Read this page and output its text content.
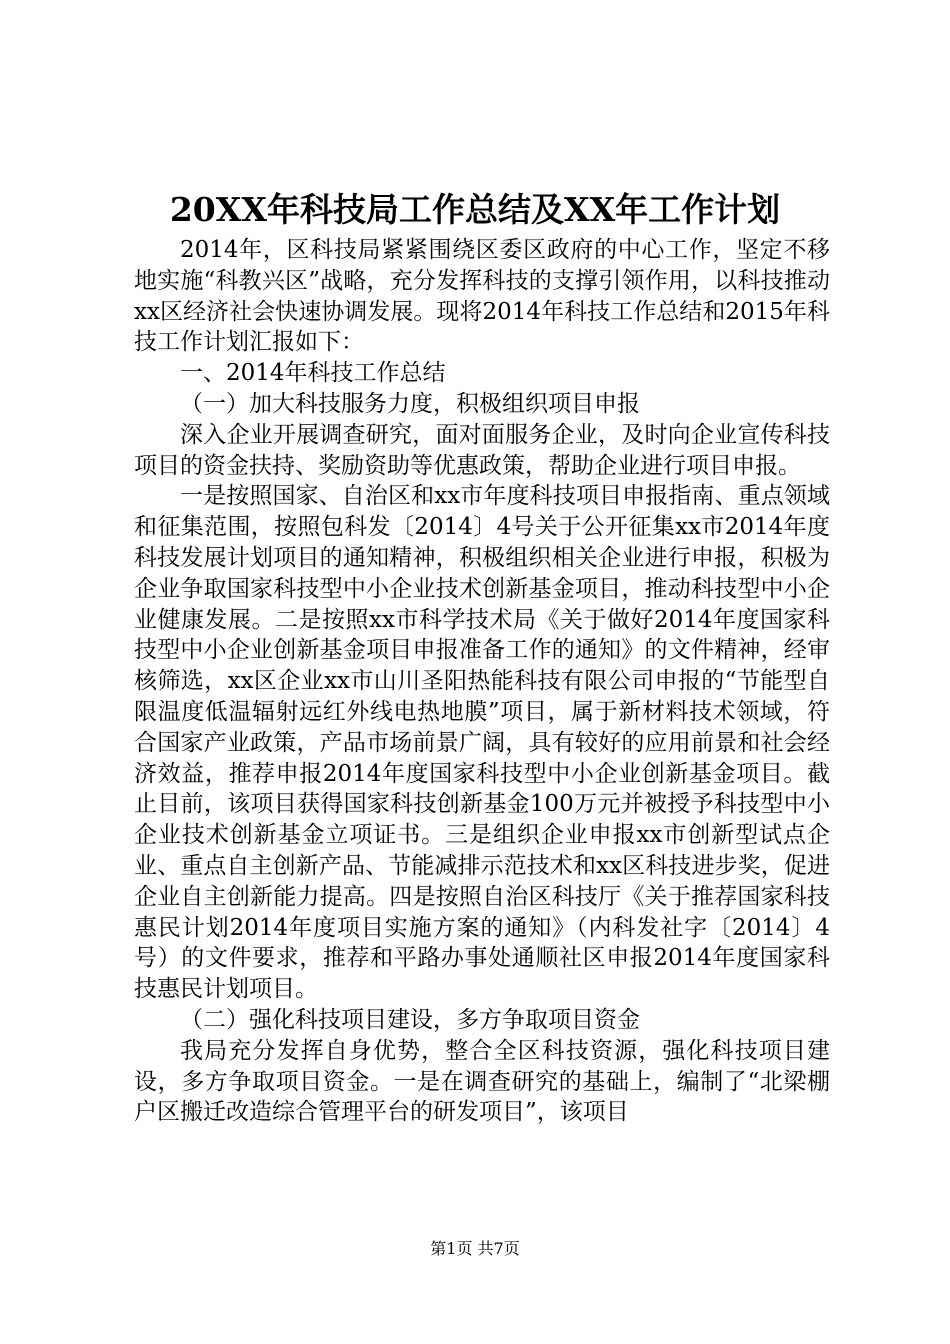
20XX年科技局工作总结及XX年工作计划

2014年，区科技局紧紧围绕区委区政府的中心工作，坚定不移地实施“科教兴区”战略，充分发挥科技的支撑引领作用，以科技推动xx区经济社会快速协调发展。现将2014年科技工作总结和2015年科技工作计划汇报如下：

一、2014年科技工作总结

（一）加大科技服务力度，积极组织项目申报

深入企业开展调查研究，面对面服务企业，及时向企业宣传科技项目的资金扶持、奖励资助等优惠政策，帮助企业进行项目申报。

一是按照国家、自治区和xx市年度科技项目申报指南、重点领域和征集范围，按照包科发〔2014〕4号关于公开征集xx市2014年度科技发展计划项目的通知精神，积极组织相关企业进行申报，积极为企业争取国家科技型中小企业技术创新基金项目，推动科技型中小企业健康发展。二是按照xx市科学技术局《关于做好2014年度国家科技型中小企业创新基金项目申报准备工作的通知》的文件精神，经审核筛选，xx区企业xx市山川圣阳热能科技有限公司申报的“节能型自限温度低温辐射远红外线电热地膜”项目，属于新材料技术领域，符合国家产业政策，产品市场前景广阔，具有较好的应用前景和社会经济效益，推荐申报2014年度国家科技型中小企业创新基金项目。截止目前，该项目获得国家科技创新基金100万元并被授予科技型中小企业技术创新基金立项证书。三是组织企业申报xx市创新型试点企业、重点自主创新产品、节能减排示范技术和xx区科技进步奖，促进企业自主创新能力提高。四是按照自治区科技厅《关于推荐国家科技惠民计划2014年度项目实施方案的通知》（内科发社字〔2014〕4号）的文件要求，推荐和平路办事处通顺社区申报2014年度国家科技惠民计划项目。

（二）强化科技项目建设，多方争取项目资金

我局充分发挥自身优势，整合全区科技资源，强化科技项目建设，多方争取项目资金。一是在调查研究的基础上，编制了“北梁棚户区搬迁改造综合管理平台的研发项目”，该项目

第1页 共7页
